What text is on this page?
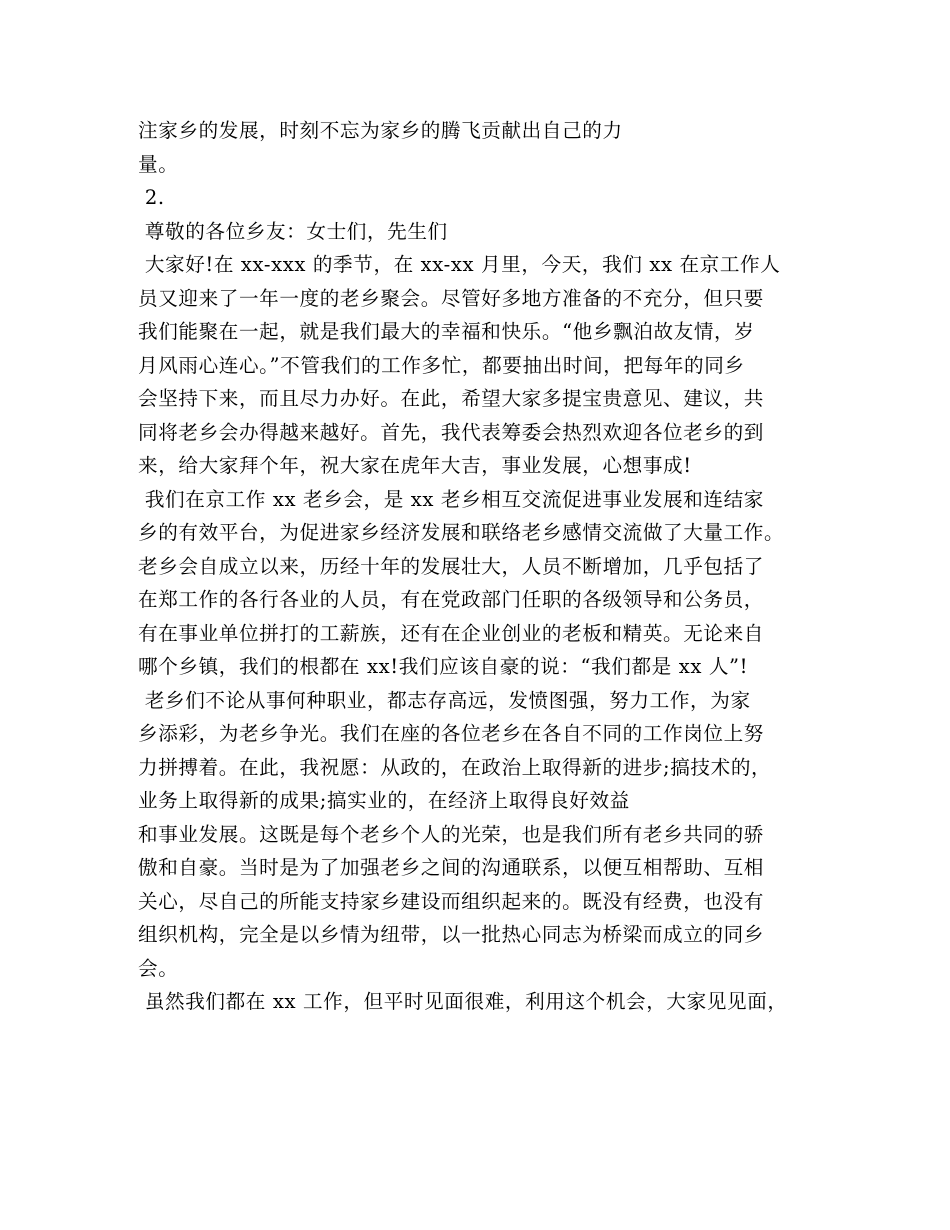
注家乡的发展，时刻不忘为家乡的腾飞贡献出自己的力
量。
2.
尊敬的各位乡友：女士们，先生们
大家好!在 xx-xxx 的季节，在 xx-xx 月里，今天，我们 xx 在京工作人
员又迎来了一年一度的老乡聚会。尽管好多地方准备的不充分，但只要
我们能聚在一起，就是我们最大的幸福和快乐。“他乡飘泊故友情，岁
月风雨心连心。”不管我们的工作多忙，都要抽出时间，把每年的同乡
会坚持下来，而且尽力办好。在此，希望大家多提宝贵意见、建议，共
同将老乡会办得越来越好。首先，我代表筹委会热烈欢迎各位老乡的到
来，给大家拜个年，祝大家在虎年大吉，事业发展，心想事成!
我们在京工作 xx 老乡会，是 xx 老乡相互交流促进事业发展和连结家
乡的有效平台，为促进家乡经济发展和联络老乡感情交流做了大量工作。
老乡会自成立以来，历经十年的发展壮大，人员不断增加，几乎包括了
在郑工作的各行各业的人员，有在党政部门任职的各级领导和公务员，
有在事业单位拼打的工薪族，还有在企业创业的老板和精英。无论来自
哪个乡镇，我们的根都在 xx!我们应该自豪的说：“我们都是 xx 人”!
老乡们不论从事何种职业，都志存高远，发愤图强，努力工作，为家
乡添彩，为老乡争光。我们在座的各位老乡在各自不同的工作岗位上努
力拼搏着。在此，我祝愿：从政的，在政治上取得新的进步;搞技术的，
业务上取得新的成果;搞实业的，在经济上取得良好效益
和事业发展。这既是每个老乡个人的光荣，也是我们所有老乡共同的骄
傲和自豪。当时是为了加强老乡之间的沟通联系，以便互相帮助、互相
关心，尽自己的所能支持家乡建设而组织起来的。既没有经费，也没有
组织机构，完全是以乡情为纽带，以一批热心同志为桥梁而成立的同乡
会。
虽然我们都在 xx 工作，但平时见面很难，利用这个机会，大家见见面，
